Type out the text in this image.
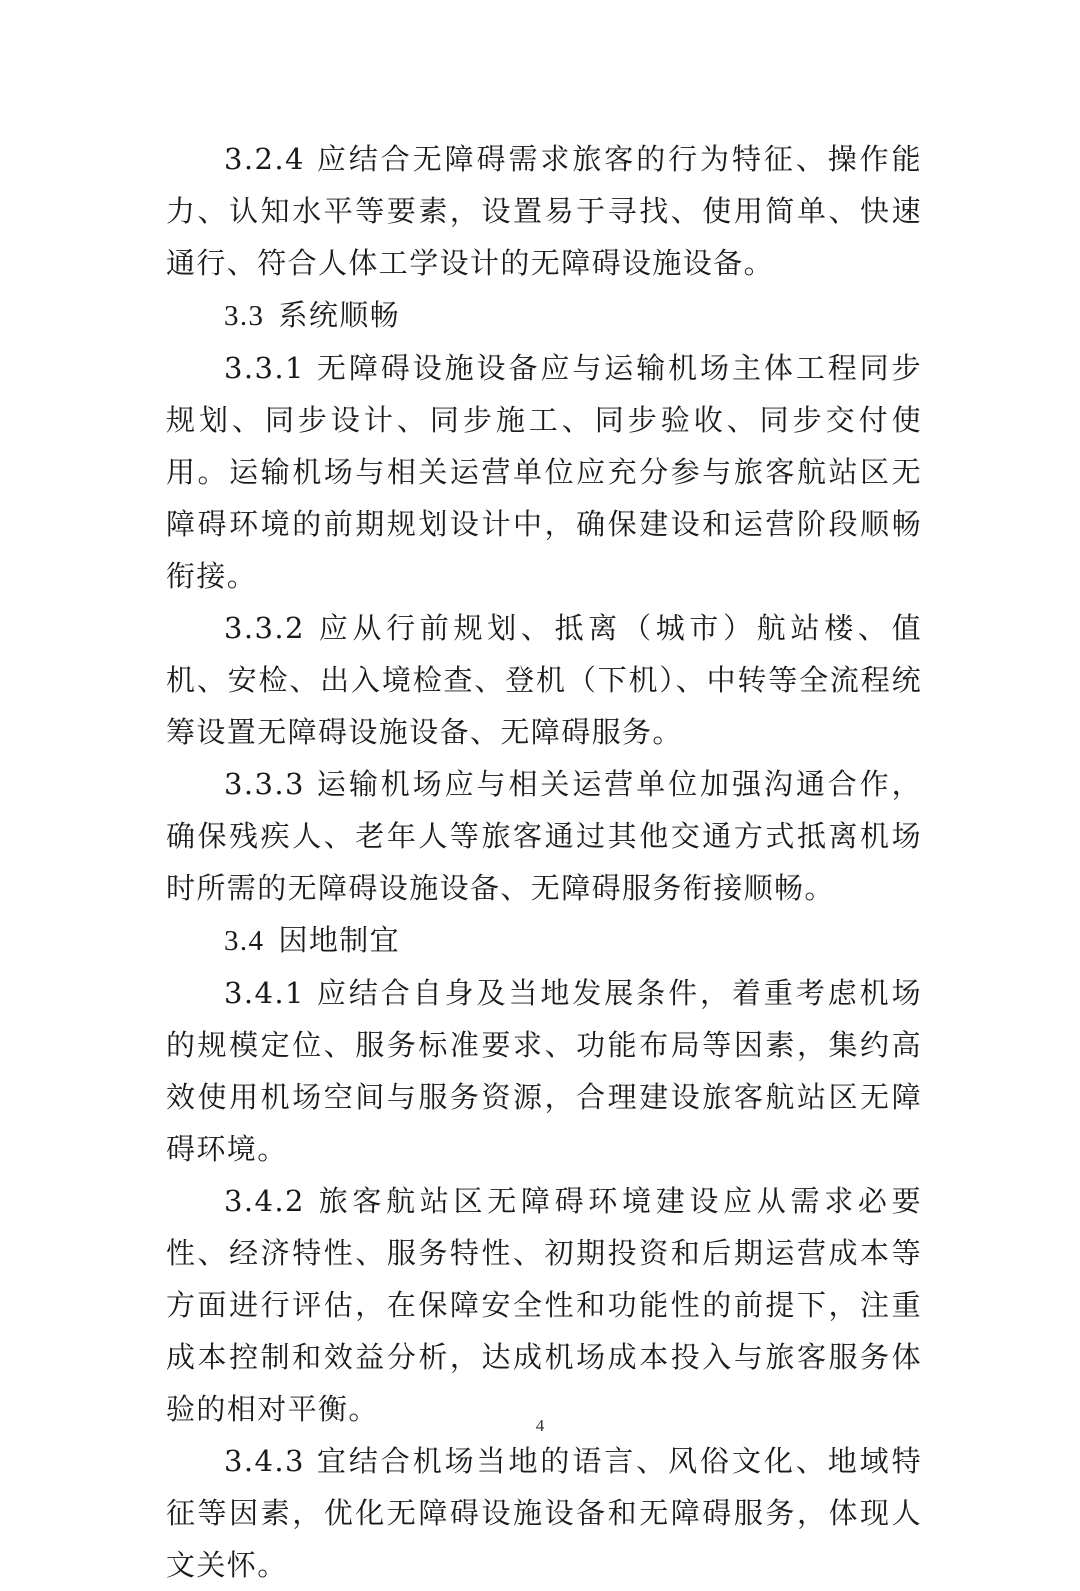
3.2.4 应结合无障碍需求旅客的行为特征、操作能力、认知水平等要素，设置易于寻找、使用简单、快速通行、符合人体工学设计的无障碍设施设备。

3.3 系统顺畅

3.3.1 无障碍设施设备应与运输机场主体工程同步规划、同步设计、同步施工、同步验收、同步交付使用。运输机场与相关运营单位应充分参与旅客航站区无障碍环境的前期规划设计中，确保建设和运营阶段顺畅衔接。

3.3.2 应从行前规划、抵离（城市）航站楼、值机、安检、出入境检查、登机（下机）、中转等全流程统筹设置无障碍设施设备、无障碍服务。

3.3.3 运输机场应与相关运营单位加强沟通合作，确保残疾人、老年人等旅客通过其他交通方式抵离机场时所需的无障碍设施设备、无障碍服务衔接顺畅。

3.4 因地制宜

3.4.1 应结合自身及当地发展条件，着重考虑机场的规模定位、服务标准要求、功能布局等因素，集约高效使用机场空间与服务资源，合理建设旅客航站区无障碍环境。

3.4.2 旅客航站区无障碍环境建设应从需求必要性、经济特性、服务特性、初期投资和后期运营成本等方面进行评估，在保障安全性和功能性的前提下，注重成本控制和效益分析，达成机场成本投入与旅客服务体验的相对平衡。

3.4.3 宜结合机场当地的语言、风俗文化、地域特征等因素，优化无障碍设施设备和无障碍服务，体现人文关怀。

4
